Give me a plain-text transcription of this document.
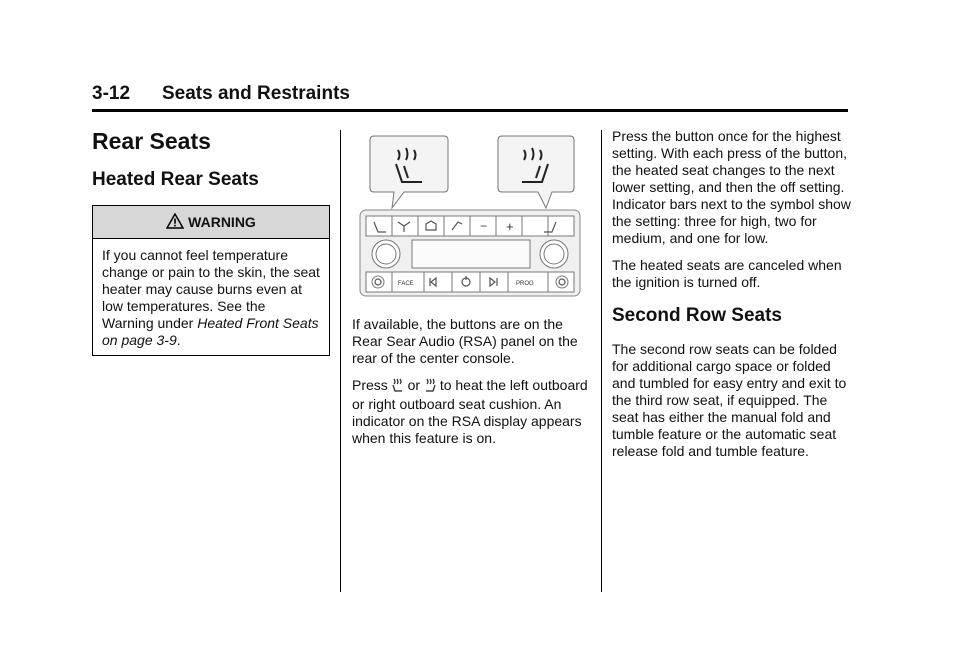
3-12 Seats and Restraints
Rear Seats
Heated Rear Seats
WARNING
If you cannot feel temperature change or pain to the skin, the seat heater may cause burns even at low temperatures. See the Warning under Heated Front Seats on page 3-9.
− +
FACE	PROG

If available, the buttons are on the Rear Sear Audio (RSA) panel on the rear of the center console.

Press or to heat the left outboard or right outboard seat cushion. An indicator on the RSA display appears when this feature is on.

Press the button once for the highest setting. With each press of the button, the heated seat changes to the next lower setting, and then the off setting. Indicator bars next to the symbol show the setting: three for high, two for medium, and one for low.

The heated seats are canceled when the ignition is turned off.

Second Row Seats

The second row seats can be folded for additional cargo space or folded and tumbled for easy entry and exit to the third row seat, if equipped. The seat has either the manual fold and tumble feature or the automatic seat release fold and tumble feature.
